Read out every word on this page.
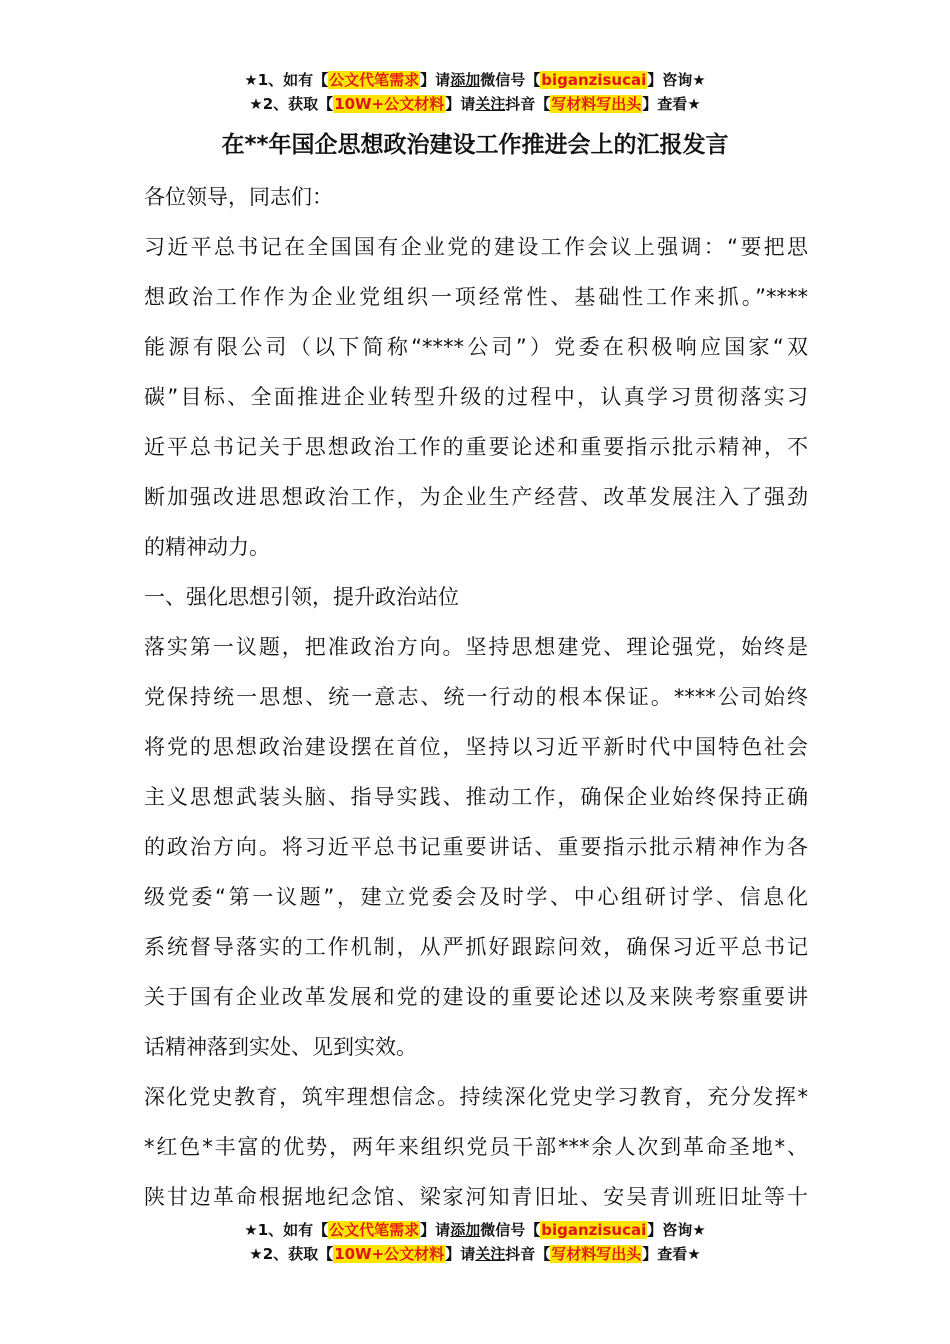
★1、如有【公文代笔需求】请添加微信号【biganzisucai】咨询★
★2、获取【10W+公文材料】请关注抖音【写材料写出头】查看★
在**年国企思想政治建设工作推进会上的汇报发言

各位领导，同志们：

习近平总书记在全国国有企业党的建设工作会议上强调：“要把思

想政治工作作为企业党组织一项经常性、基础性工作来抓。”****

能源有限公司（以下简称“****公司”）党委在积极响应国家“双

碳”目标、全面推进企业转型升级的过程中，认真学习贯彻落实习

近平总书记关于思想政治工作的重要论述和重要指示批示精神，不

断加强改进思想政治工作，为企业生产经营、改革发展注入了强劲

的精神动力。

一、强化思想引领，提升政治站位

落实第一议题，把准政治方向。坚持思想建党、理论强党，始终是

党保持统一思想、统一意志、统一行动的根本保证。****公司始终

将党的思想政治建设摆在首位，坚持以习近平新时代中国特色社会

主义思想武装头脑、指导实践、推动工作，确保企业始终保持正确

的政治方向。将习近平总书记重要讲话、重要指示批示精神作为各

级党委“第一议题”，建立党委会及时学、中心组研讨学、信息化

系统督导落实的工作机制，从严抓好跟踪问效，确保习近平总书记

关于国有企业改革发展和党的建设的重要论述以及来陕考察重要讲

话精神落到实处、见到实效。

深化党史教育，筑牢理想信念。持续深化党史学习教育，充分发挥*

*红色*丰富的优势，两年来组织党员干部***余人次到革命圣地*、

陕甘边革命根据地纪念馆、梁家河知青旧址、安吴青训班旧址等十

★1、如有【公文代笔需求】请添加微信号【biganzisucai】咨询★
★2、获取【10W+公文材料】请关注抖音【写材料写出头】查看★
